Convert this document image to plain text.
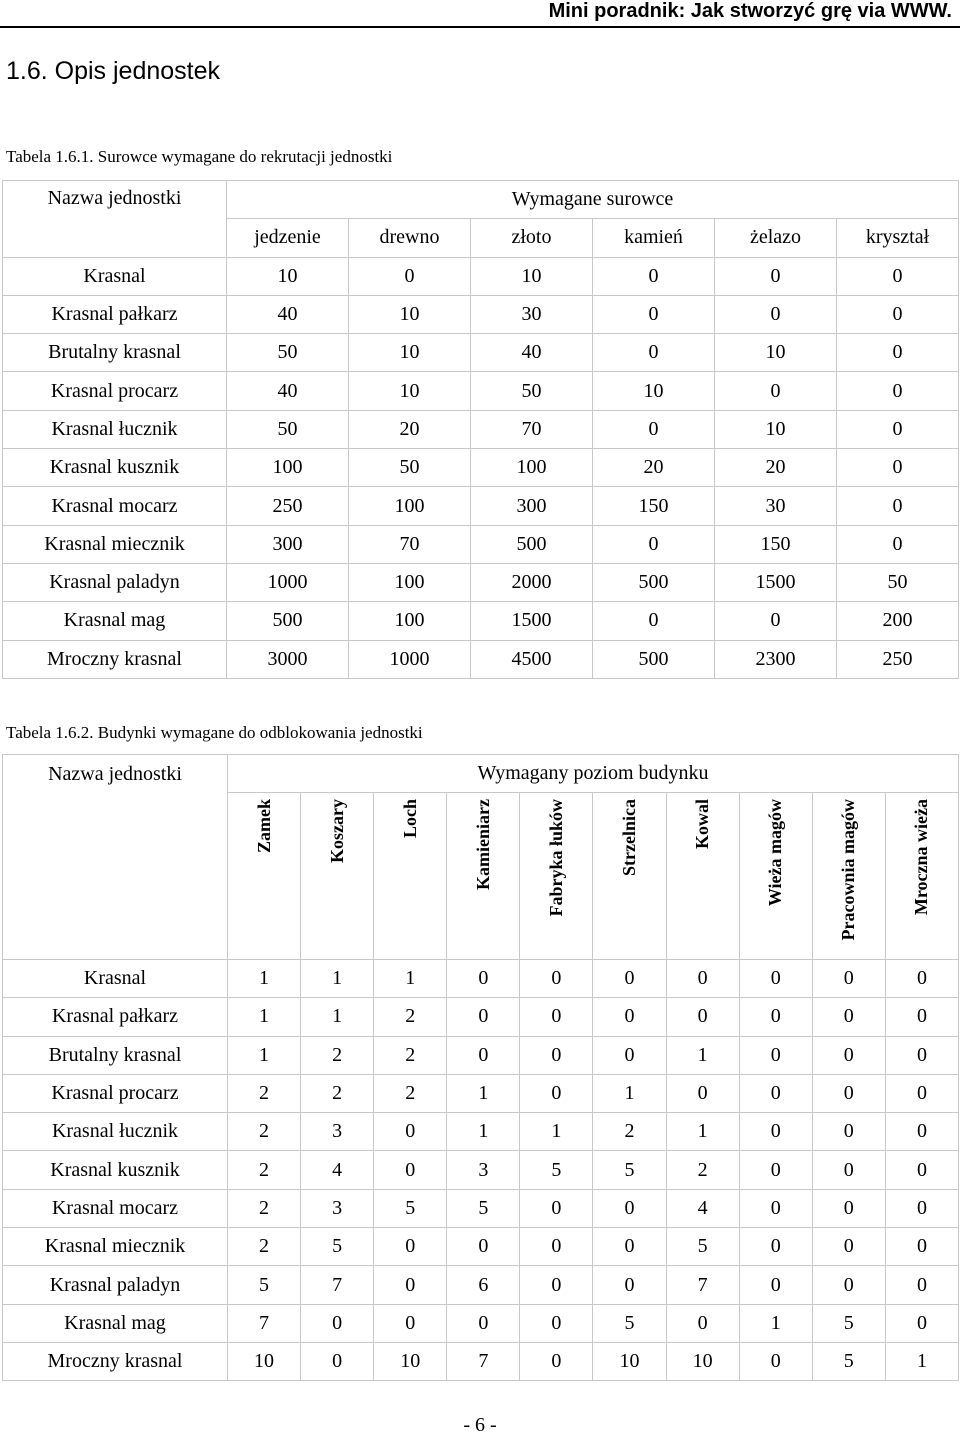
Mini poradnik: Jak stworzyć grę via WWW.
1.6. Opis jednostek
Tabela 1.6.1. Surowce wymagane do rekrutacji jednostki
Nazwa jednostki	Wymagane surowce					
	jedzenie	drewno	złoto	kamień	żelazo	kryształ
Krasnal	10	0	10	0	0	0
Krasnal pałkarz	40	10	30	0	0	0
Brutalny krasnal	50	10	40	0	10	0
Krasnal procarz	40	10	50	10	0	0
Krasnal łucznik	50	20	70	0	10	0
Krasnal kusznik	100	50	100	20	20	0
Krasnal mocarz	250	100	300	150	30	0
Krasnal miecznik	300	70	500	0	150	0
Krasnal paladyn	1000	100	2000	500	1500	50
Krasnal mag	500	100	1500	0	0	200
Mroczny krasnal	3000	1000	4500	500	2300	250
Tabela 1.6.2. Budynki wymagane do odblokowania jednostki
Nazwa jednostki	Wymagany poziom budynku									
	Zamek	Koszary	Loch	Kamieniarz	Fabryka łuków	Strzelnica	Kowal	Wieża magów	Pracownia magów	Mroczna wieża
Krasnal	1	1	1	0	0	0	0	0	0	0
Krasnal pałkarz	1	1	2	0	0	0	0	0	0	0
Brutalny krasnal	1	2	2	0	0	0	1	0	0	0
Krasnal procarz	2	2	2	1	0	1	0	0	0	0
Krasnal łucznik	2	3	0	1	1	2	1	0	0	0
Krasnal kusznik	2	4	0	3	5	5	2	0	0	0
Krasnal mocarz	2	3	5	5	0	0	4	0	0	0
Krasnal miecznik	2	5	0	0	0	0	5	0	0	0
Krasnal paladyn	5	7	0	6	0	0	7	0	0	0
Krasnal mag	7	0	0	0	0	5	0	1	5	0
Mroczny krasnal	10	0	10	7	0	10	10	0	5	1
- 6 -
